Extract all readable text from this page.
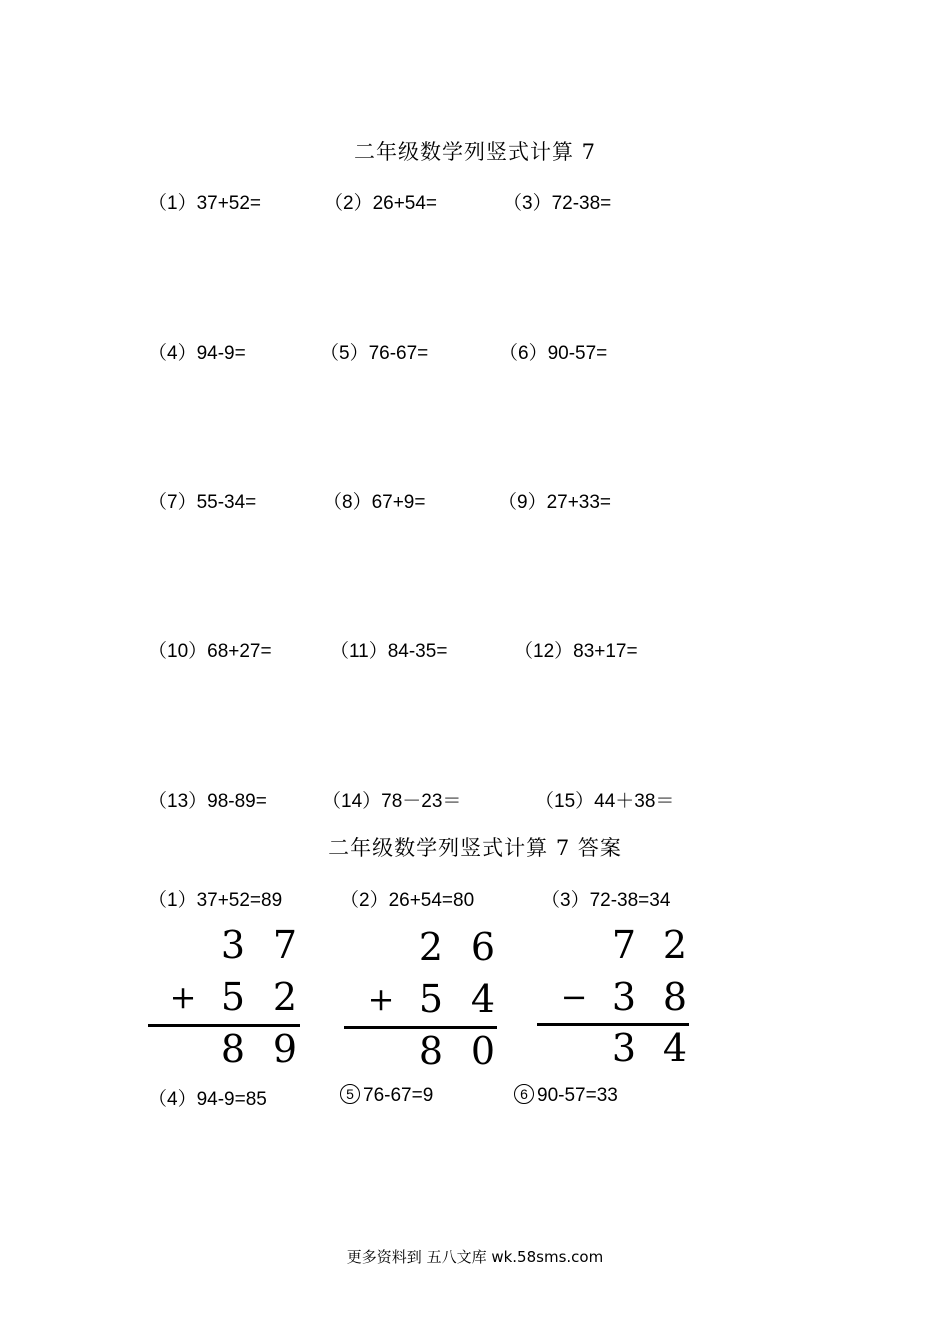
二年级数学列竖式计算 7
（1）37+52=	（2）26+54=	（3）72-38=
（4）94-9=	（5）76-67=	（6）90-57=
（7）55-34=	（8）67+9=	（9）27+33=
（10）68+27=	（11）84-35=	（12）83+17=
（13）98-89=	（14）78－23＝	（15）44＋38＝
二年级数学列竖式计算 7 答案
（1）37+52=89	（2）26+54=80	（3）72-38=34
3 7
+ 5 2
8 9
2 6
+ 5 4
8 0
7 2
− 3 8
3 4
（4）94-9=85	5 76-67=9	6 90-57=33
更多资料到 五八文库 wk.58sms.com
